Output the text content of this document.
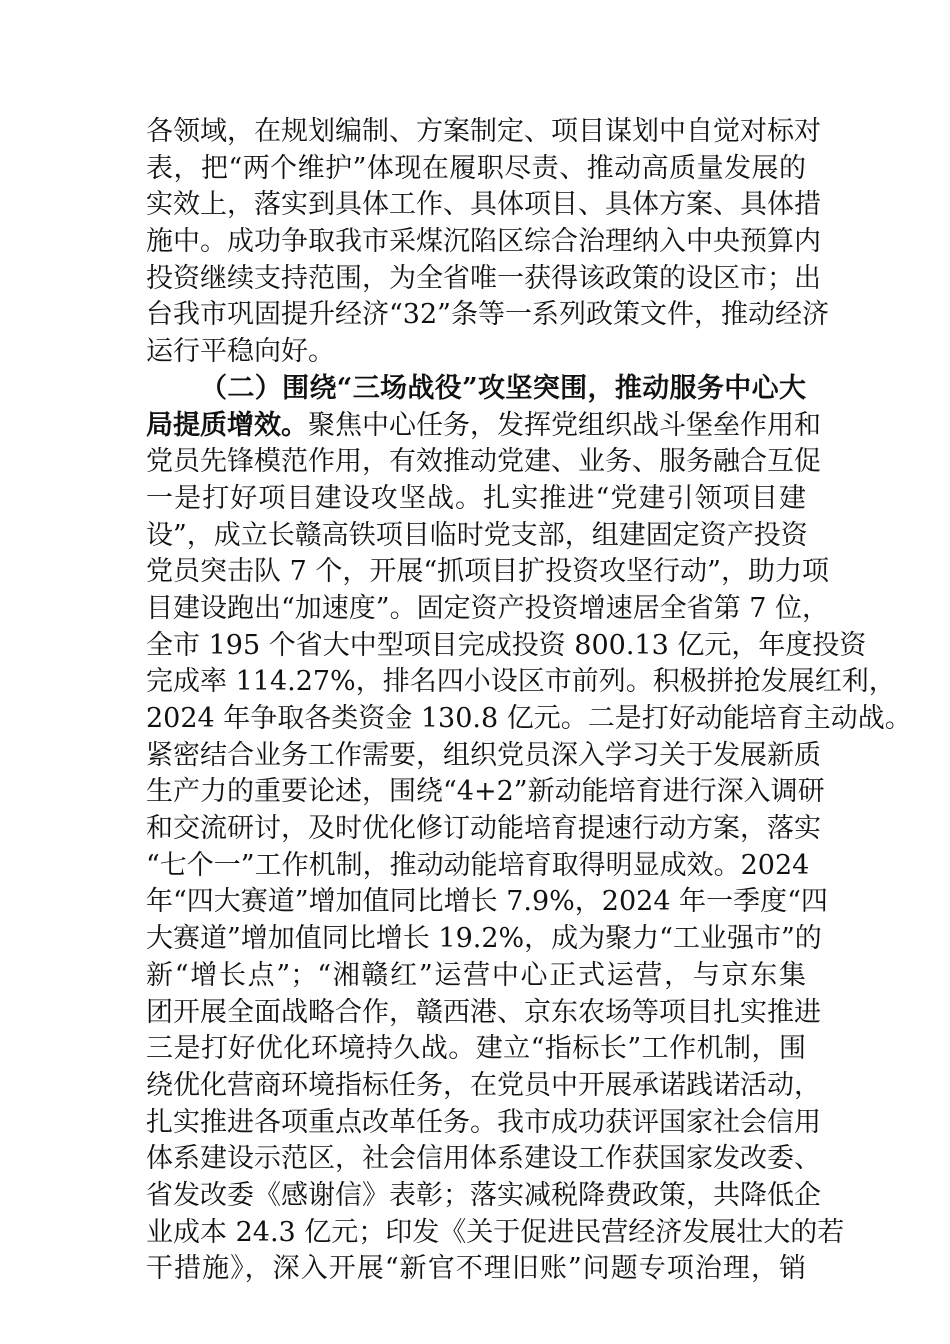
各领域，在规划编制、方案制定、项目谋划中自觉对标对
表，把“两个维护”体现在履职尽责、推动高质量发展的
实效上，落实到具体工作、具体项目、具体方案、具体措
施中。成功争取我市采煤沉陷区综合治理纳入中央预算内
投资继续支持范围，为全省唯一获得该政策的设区市；出
台我市巩固提升经济“32”条等一系列政策文件，推动经济
运行平稳向好。
（二）围绕“三场战役”攻坚突围，推动服务中心大
局提质增效。聚焦中心任务，发挥党组织战斗堡垒作用和
党员先锋模范作用，有效推动党建、业务、服务融合互促
一是打好项目建设攻坚战。扎实推进“党建引领项目建
设”，成立长赣高铁项目临时党支部，组建固定资产投资
党员突击队 7 个，开展“抓项目扩投资攻坚行动”，助力项
目建设跑出“加速度”。固定资产投资增速居全省第 7 位，
全市 195 个省大中型项目完成投资 800.13 亿元，年度投资
完成率 114.27%，排名四小设区市前列。积极拼抢发展红利，
2024 年争取各类资金 130.8 亿元。二是打好动能培育主动战。
紧密结合业务工作需要，组织党员深入学习关于发展新质
生产力的重要论述，围绕“4+2”新动能培育进行深入调研
和交流研讨，及时优化修订动能培育提速行动方案，落实
“七个一”工作机制，推动动能培育取得明显成效。2024
年“四大赛道”增加值同比增长 7.9%，2024 年一季度“四
大赛道”增加值同比增长 19.2%，成为聚力“工业强市”的
新“增长点”；“湘赣红”运营中心正式运营，与京东集
团开展全面战略合作，赣西港、京东农场等项目扎实推进
三是打好优化环境持久战。建立“指标长”工作机制，围
绕优化营商环境指标任务，在党员中开展承诺践诺活动，
扎实推进各项重点改革任务。我市成功获评国家社会信用
体系建设示范区，社会信用体系建设工作获国家发改委、
省发改委《感谢信》表彰；落实减税降费政策，共降低企
业成本 24.3 亿元；印发《关于促进民营经济发展壮大的若
干措施》，深入开展“新官不理旧账”问题专项治理，销
